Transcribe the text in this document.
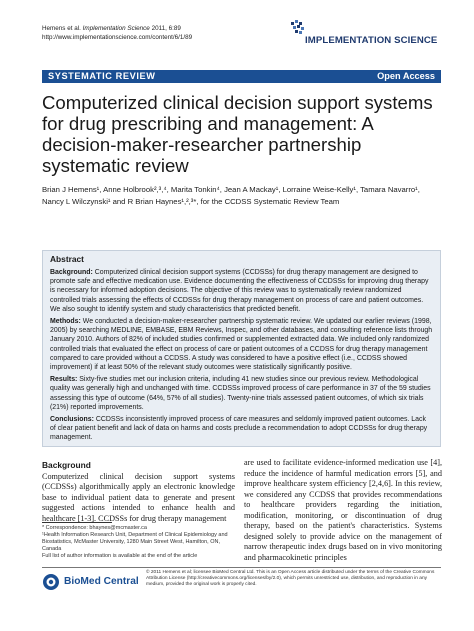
Hemens et al. Implementation Science 2011, 6:89
http://www.implementationscience.com/content/6/1/89	IMPLEMENTATION SCIENCE
SYSTEMATIC REVIEW	Open Access
Computerized clinical decision support systems for drug prescribing and management: A decision-maker-researcher partnership systematic review
Brian J Hemens¹, Anne Holbrook²,³,⁴, Marita Tonkin⁴, Jean A Mackay¹, Lorraine Weise-Kelly¹, Tamara Navarro¹,
Nancy L Wilczynski¹ and R Brian Haynes¹,²,³*, for the CCDSS Systematic Review Team
Abstract

Background: Computerized clinical decision support systems (CCDSSs) for drug therapy management are designed to promote safe and effective medication use. Evidence documenting the effectiveness of CCDSSs for improving drug therapy is necessary for informed adoption decisions. The objective of this review was to systematically review randomized controlled trials assessing the effects of CCDSSs for drug therapy management on process of care and patient outcomes. We also sought to identify system and study characteristics that predicted benefit.

Methods: We conducted a decision-maker-researcher partnership systematic review. We updated our earlier reviews (1998, 2005) by searching MEDLINE, EMBASE, EBM Reviews, Inspec, and other databases, and consulting reference lists through January 2010. Authors of 82% of included studies confirmed or supplemented extracted data. We included only randomized controlled trials that evaluated the effect on process of care or patient outcomes of a CCDSS for drug therapy management compared to care provided without a CCDSS. A study was considered to have a positive effect (i.e., CCDSS showed improvement) if at least 50% of the relevant study outcomes were statistically significantly positive.

Results: Sixty-five studies met our inclusion criteria, including 41 new studies since our previous review. Methodological quality was generally high and unchanged with time. CCDSSs improved process of care performance in 37 of the 59 studies assessing this type of outcome (64%, 57% of all studies). Twenty-nine trials assessed patient outcomes, of which six trials (21%) reported improvements.

Conclusions: CCDSSs inconsistently improved process of care measures and seldomly improved patient outcomes. Lack of clear patient benefit and lack of data on harms and costs preclude a recommendation to adopt CCDSSs for drug therapy management.

Background

Computerized clinical decision support systems (CCDSSs) algorithmically apply an electronic knowledge base to individual patient data to generate and present suggested actions intended to enhance health and healthcare [1-3]. CCDSSs for drug therapy management

are used to facilitate evidence-informed medication use [4], reduce the incidence of harmful medication errors [5], and improve healthcare system efficiency [2,4,6]. In this review, we considered any CCDSS that provides recommendations to healthcare providers regarding the initiation, modification, monitoring, or discontinuation of drug therapy, based on the patient's characteristics. Systems designed solely to provide advice on the management of narrow therapeutic index drugs based on in vivo monitoring and pharmacokinetic principles

* Correspondence: bhaynes@mcmaster.ca
¹Health Information Research Unit, Department of Clinical Epidemiology and Biostatistics, McMaster University, 1280 Main Street West, Hamilton, ON, Canada
Full list of author information is available at the end of the article
BioMed Central
© 2011 Hemens et al; licensee BioMed Central Ltd. This is an Open Access article distributed under the terms of the Creative Commons Attribution License (http://creativecommons.org/licenses/by/2.0), which permits unrestricted use, distribution, and reproduction in any medium, provided the original work is properly cited.
